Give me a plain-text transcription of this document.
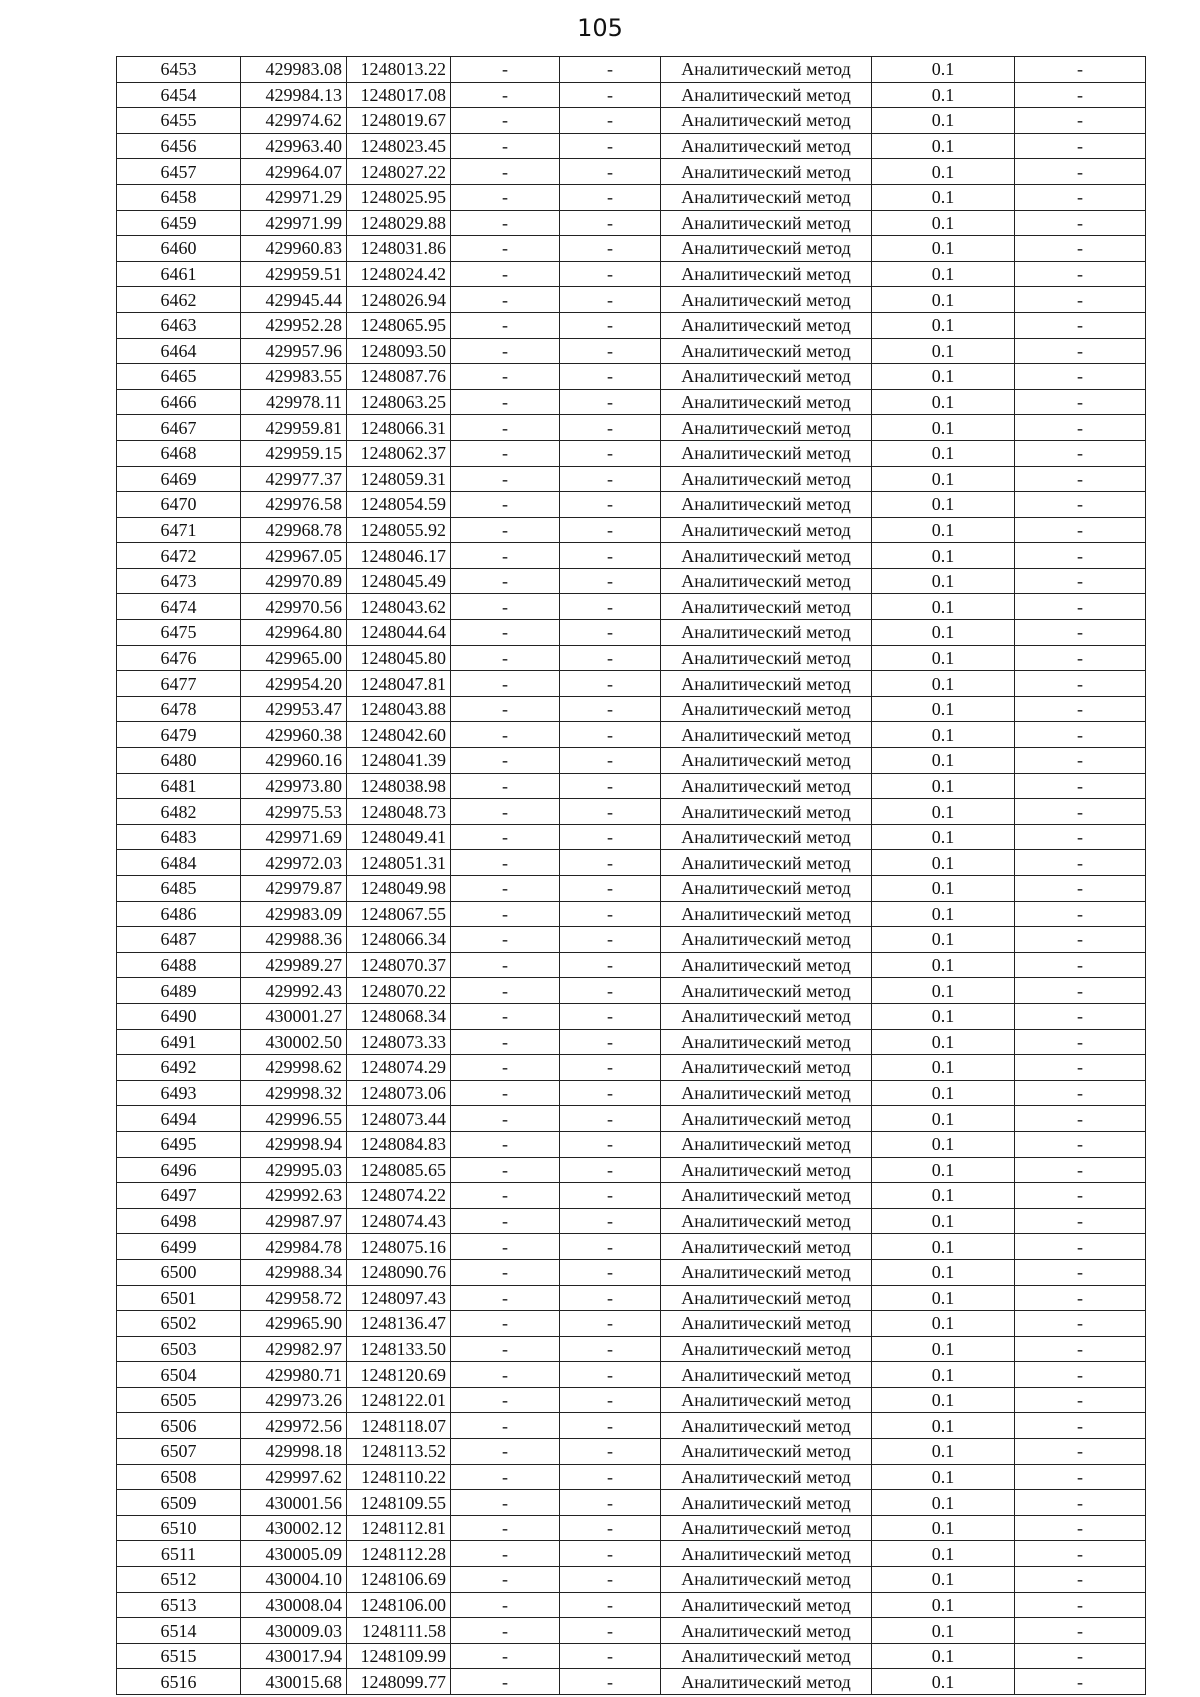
105
6453	429983.08	1248013.22	-	-	Аналитический метод	0.1	-
6454	429984.13	1248017.08	-	-	Аналитический метод	0.1	-
6455	429974.62	1248019.67	-	-	Аналитический метод	0.1	-
6456	429963.40	1248023.45	-	-	Аналитический метод	0.1	-
6457	429964.07	1248027.22	-	-	Аналитический метод	0.1	-
6458	429971.29	1248025.95	-	-	Аналитический метод	0.1	-
6459	429971.99	1248029.88	-	-	Аналитический метод	0.1	-
6460	429960.83	1248031.86	-	-	Аналитический метод	0.1	-
6461	429959.51	1248024.42	-	-	Аналитический метод	0.1	-
6462	429945.44	1248026.94	-	-	Аналитический метод	0.1	-
6463	429952.28	1248065.95	-	-	Аналитический метод	0.1	-
6464	429957.96	1248093.50	-	-	Аналитический метод	0.1	-
6465	429983.55	1248087.76	-	-	Аналитический метод	0.1	-
6466	429978.11	1248063.25	-	-	Аналитический метод	0.1	-
6467	429959.81	1248066.31	-	-	Аналитический метод	0.1	-
6468	429959.15	1248062.37	-	-	Аналитический метод	0.1	-
6469	429977.37	1248059.31	-	-	Аналитический метод	0.1	-
6470	429976.58	1248054.59	-	-	Аналитический метод	0.1	-
6471	429968.78	1248055.92	-	-	Аналитический метод	0.1	-
6472	429967.05	1248046.17	-	-	Аналитический метод	0.1	-
6473	429970.89	1248045.49	-	-	Аналитический метод	0.1	-
6474	429970.56	1248043.62	-	-	Аналитический метод	0.1	-
6475	429964.80	1248044.64	-	-	Аналитический метод	0.1	-
6476	429965.00	1248045.80	-	-	Аналитический метод	0.1	-
6477	429954.20	1248047.81	-	-	Аналитический метод	0.1	-
6478	429953.47	1248043.88	-	-	Аналитический метод	0.1	-
6479	429960.38	1248042.60	-	-	Аналитический метод	0.1	-
6480	429960.16	1248041.39	-	-	Аналитический метод	0.1	-
6481	429973.80	1248038.98	-	-	Аналитический метод	0.1	-
6482	429975.53	1248048.73	-	-	Аналитический метод	0.1	-
6483	429971.69	1248049.41	-	-	Аналитический метод	0.1	-
6484	429972.03	1248051.31	-	-	Аналитический метод	0.1	-
6485	429979.87	1248049.98	-	-	Аналитический метод	0.1	-
6486	429983.09	1248067.55	-	-	Аналитический метод	0.1	-
6487	429988.36	1248066.34	-	-	Аналитический метод	0.1	-
6488	429989.27	1248070.37	-	-	Аналитический метод	0.1	-
6489	429992.43	1248070.22	-	-	Аналитический метод	0.1	-
6490	430001.27	1248068.34	-	-	Аналитический метод	0.1	-
6491	430002.50	1248073.33	-	-	Аналитический метод	0.1	-
6492	429998.62	1248074.29	-	-	Аналитический метод	0.1	-
6493	429998.32	1248073.06	-	-	Аналитический метод	0.1	-
6494	429996.55	1248073.44	-	-	Аналитический метод	0.1	-
6495	429998.94	1248084.83	-	-	Аналитический метод	0.1	-
6496	429995.03	1248085.65	-	-	Аналитический метод	0.1	-
6497	429992.63	1248074.22	-	-	Аналитический метод	0.1	-
6498	429987.97	1248074.43	-	-	Аналитический метод	0.1	-
6499	429984.78	1248075.16	-	-	Аналитический метод	0.1	-
6500	429988.34	1248090.76	-	-	Аналитический метод	0.1	-
6501	429958.72	1248097.43	-	-	Аналитический метод	0.1	-
6502	429965.90	1248136.47	-	-	Аналитический метод	0.1	-
6503	429982.97	1248133.50	-	-	Аналитический метод	0.1	-
6504	429980.71	1248120.69	-	-	Аналитический метод	0.1	-
6505	429973.26	1248122.01	-	-	Аналитический метод	0.1	-
6506	429972.56	1248118.07	-	-	Аналитический метод	0.1	-
6507	429998.18	1248113.52	-	-	Аналитический метод	0.1	-
6508	429997.62	1248110.22	-	-	Аналитический метод	0.1	-
6509	430001.56	1248109.55	-	-	Аналитический метод	0.1	-
6510	430002.12	1248112.81	-	-	Аналитический метод	0.1	-
6511	430005.09	1248112.28	-	-	Аналитический метод	0.1	-
6512	430004.10	1248106.69	-	-	Аналитический метод	0.1	-
6513	430008.04	1248106.00	-	-	Аналитический метод	0.1	-
6514	430009.03	1248111.58	-	-	Аналитический метод	0.1	-
6515	430017.94	1248109.99	-	-	Аналитический метод	0.1	-
6516	430015.68	1248099.77	-	-	Аналитический метод	0.1	-
